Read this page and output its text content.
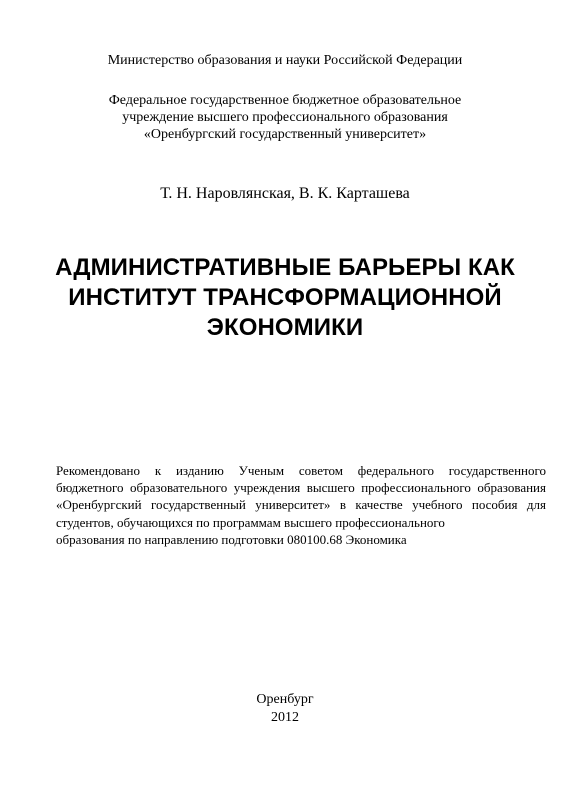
Министерство образования и науки Российской Федерации
Федеральное государственное бюджетное образовательное
учреждение высшего профессионального образования
«Оренбургский государственный университет»
Т. Н. Наровлянская, В. К. Карташева
АДМИНИСТРАТИВНЫЕ БАРЬЕРЫ КАК
ИНСТИТУТ ТРАНСФОРМАЦИОННОЙ
ЭКОНОМИКИ
Рекомендовано к изданию Ученым советом федерального государственного бюджетного образовательного учреждения высшего профессионального образования «Оренбургский государственный университет» в качестве учебного пособия для студентов, обучающихся по программам высшего профессионального
образования по направлению подготовки 080100.68 Экономика
Оренбург
2012
